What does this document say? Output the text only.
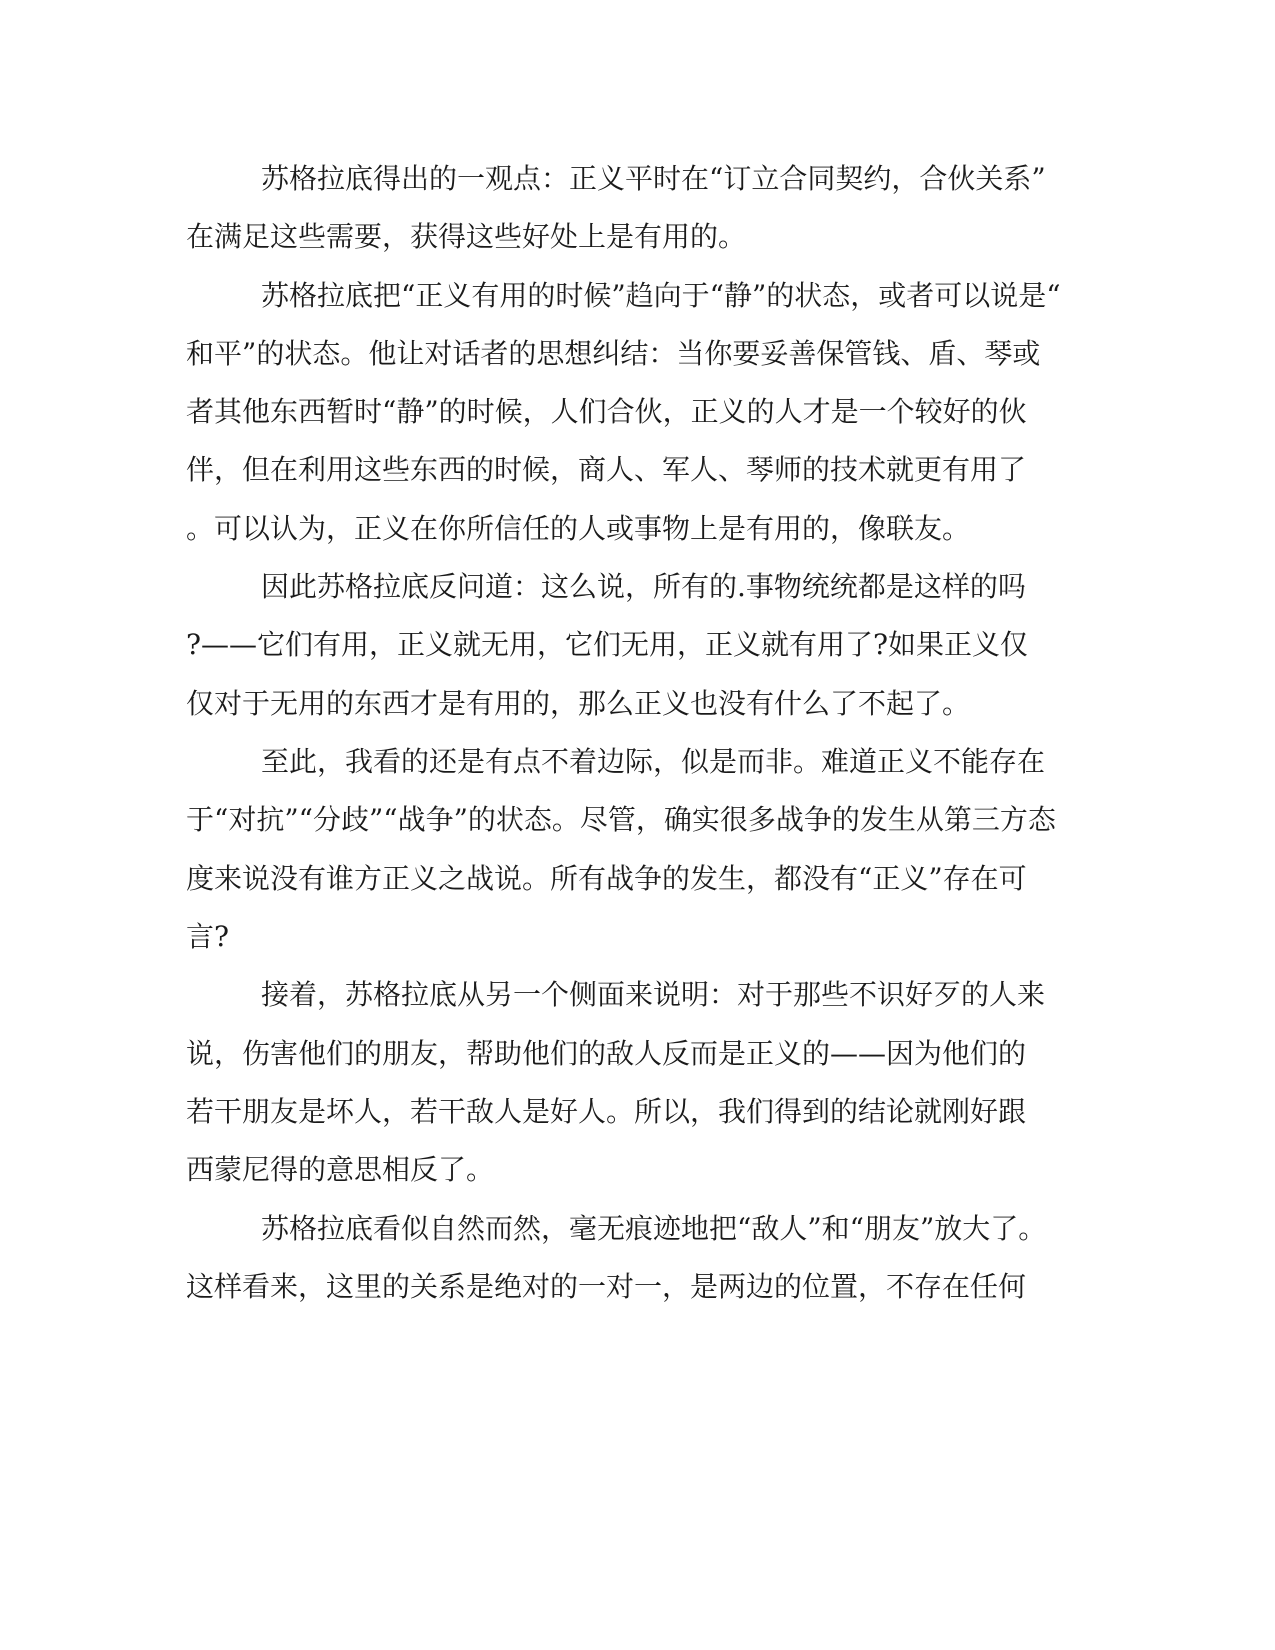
苏格拉底得出的一观点：正义平时在“订立合同契约，合伙关系”
在满足这些需要，获得这些好处上是有用的。
苏格拉底把“正义有用的时候”趋向于“静”的状态，或者可以说是“
和平”的状态。他让对话者的思想纠结：当你要妥善保管钱、盾、琴或
者其他东西暂时“静”的时候，人们合伙，正义的人才是一个较好的伙
伴，但在利用这些东西的时候，商人、军人、琴师的技术就更有用了
。可以认为，正义在你所信任的人或事物上是有用的，像联友。
因此苏格拉底反问道：这么说，所有的.事物统统都是这样的吗
?——它们有用，正义就无用，它们无用，正义就有用了?如果正义仅
仅对于无用的东西才是有用的，那么正义也没有什么了不起了。
至此，我看的还是有点不着边际，似是而非。难道正义不能存在
于“对抗”“分歧”“战争”的状态。尽管，确实很多战争的发生从第三方态
度来说没有谁方正义之战说。所有战争的发生，都没有“正义”存在可
言?
接着，苏格拉底从另一个侧面来说明：对于那些不识好歹的人来
说，伤害他们的朋友，帮助他们的敌人反而是正义的——因为他们的
若干朋友是坏人，若干敌人是好人。所以，我们得到的结论就刚好跟
西蒙尼得的意思相反了。
苏格拉底看似自然而然，毫无痕迹地把“敌人”和“朋友”放大了。
这样看来，这里的关系是绝对的一对一，是两边的位置，不存在任何
